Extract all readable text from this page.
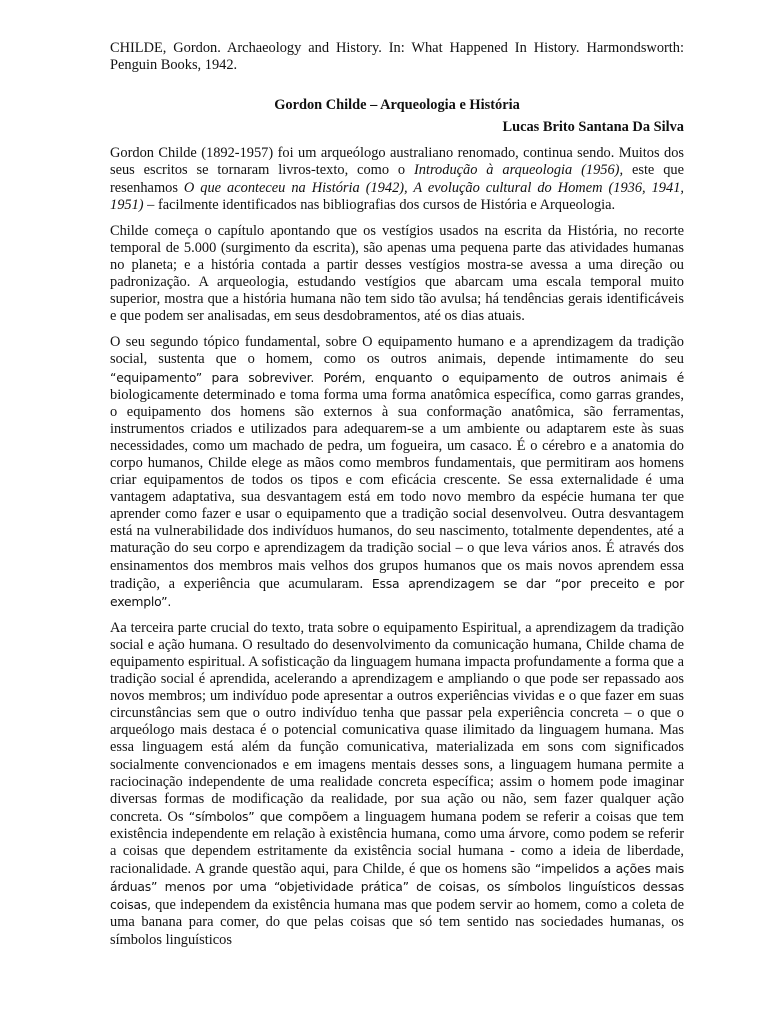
CHILDE, Gordon. Archaeology and History. In: What Happened In History. Harmondsworth: Penguin Books, 1942.

Gordon Childe – Arqueologia e História
Lucas Brito Santana Da Silva

Gordon Childe (1892-1957) foi um arqueólogo australiano renomado, continua sendo. Muitos dos seus escritos se tornaram livros-texto, como o Introdução à arqueologia (1956), este que resenhamos O que aconteceu na História (1942), A evolução cultural do Homem (1936, 1941, 1951) – facilmente identificados nas bibliografias dos cursos de História e Arqueologia.

Childe começa o capítulo apontando que os vestígios usados na escrita da História, no recorte temporal de 5.000 (surgimento da escrita), são apenas uma pequena parte das atividades humanas no planeta; e a história contada a partir desses vestígios mostra-se avessa a uma direção ou padronização. A arqueologia, estudando vestígios que abarcam uma escala temporal muito superior, mostra que a história humana não tem sido tão avulsa; há tendências gerais identificáveis e que podem ser analisadas, em seus desdobramentos, até os dias atuais.

O seu segundo tópico fundamental, sobre O equipamento humano e a aprendizagem da tradição social, sustenta que o homem, como os outros animais, depende intimamente do seu “equipamento” para sobreviver. Porém, enquanto o equipamento de outros animais é biologicamente determinado e toma forma uma forma anatômica específica, como garras grandes, o equipamento dos homens são externos à sua conformação anatômica, são ferramentas, instrumentos criados e utilizados para adequarem-se a um ambiente ou adaptarem este às suas necessidades, como um machado de pedra, um fogueira, um casaco. É o cérebro e a anatomia do corpo humanos, Childe elege as mãos como membros fundamentais, que permitiram aos homens criar equipamentos de todos os tipos e com eficácia crescente. Se essa externalidade é uma vantagem adaptativa, sua desvantagem está em todo novo membro da espécie humana ter que aprender como fazer e usar o equipamento que a tradição social desenvolveu. Outra desvantagem está na vulnerabilidade dos indivíduos humanos, do seu nascimento, totalmente dependentes, até a maturação do seu corpo e aprendizagem da tradição social – o que leva vários anos. É através dos ensinamentos dos membros mais velhos dos grupos humanos que os mais novos aprendem essa tradição, a experiência que acumularam. Essa aprendizagem se dar “por preceito e por exemplo”.

Aa terceira parte crucial do texto, trata sobre o equipamento Espiritual, a aprendizagem da tradição social e ação humana. O resultado do desenvolvimento da comunicação humana, Childe chama de equipamento espiritual. A sofisticação da linguagem humana impacta profundamente a forma que a tradição social é aprendida, acelerando a aprendizagem e ampliando o que pode ser repassado aos novos membros; um indivíduo pode apresentar a outros experiências vividas e o que fazer em suas circunstâncias sem que o outro indivíduo tenha que passar pela experiência concreta – o que o arqueólogo mais destaca é o potencial comunicativa quase ilimitado da linguagem humana. Mas essa linguagem está além da função comunicativa, materializada em sons com significados socialmente convencionados e em imagens mentais desses sons, a linguagem humana permite a raciocinação independente de uma realidade concreta específica; assim o homem pode imaginar diversas formas de modificação da realidade, por sua ação ou não, sem fazer qualquer ação concreta. Os “símbolos” que compõem a linguagem humana podem se referir a coisas que tem existência independente em relação à existência humana, como uma árvore, como podem se referir a coisas que dependem estritamente da existência social humana - como a ideia de liberdade, racionalidade. A grande questão aqui, para Childe, é que os homens são “impelidos a ações mais árduas” menos por uma “objetividade prática” de coisas, os símbolos linguísticos dessas coisas, que independem da existência humana mas que podem servir ao homem, como a coleta de uma banana para comer, do que pelas coisas que só tem sentido nas sociedades humanas, os símbolos linguísticos
